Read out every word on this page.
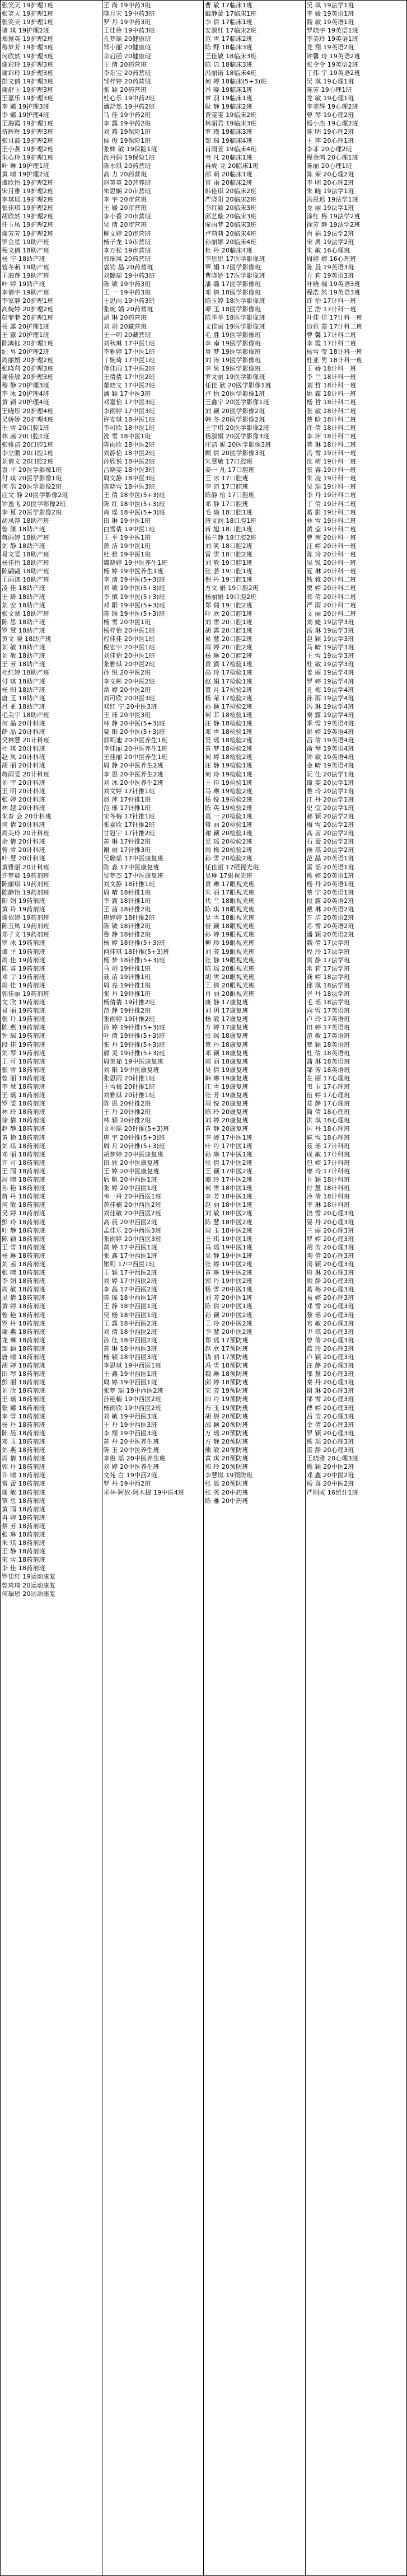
张笑天 19护理1班
张笑天 19护理1班
张笑天 19护理1班
诸 琪 19护理2班
郑慧英 19护理2班
穆梦芳 19护理3班
何欣然 19护理3班
谢彩玲 19护理3班
谢彩玲 19护理3班
彭文倩 19护理3班
谢舒玉 19护理3班
王嘉乐 19护理3班
李 娜 19护理3班
李 娜 19护理4班
王海霞 19护理1班
伍辉辉 19护理3班
张月霞 19护理2班
王小燕 19护理2班
朱心玲 19护理1班
叶 琳 19护理1班
黄 晴 19护理2班
谭欣怡 19护理2班
宋月雅 19护理2班
李琪瑶 19护理2班
张佳琪 19护理2班
胡欣然 19护理2班
任玉凤 19护理2班
谢芳芳 19护理2班
罗金星 19助产班
程文倩 18助产班
杨 宁 18助产班
管冬萌 19助产班
王海莲 19助产班
叶 婷 19助产班
李倩宇 19助产班
李家静 20护理1班
高婉婷 20护理2班
彭菲菲 20护理1班
杨 露 20护理1班
王 露 20护理1班
陈鸿钰 20护理1班
纪 昇 20护理2班
周丽娟 20护理2班
张晓莉 20护理3班
谢佳敏 20护理3班
穆 静 20护理3班
李 冰 20护理4班
黄 颖 20护理4班
王晓彤 20护理4班
吴娇娇 20护理4班
王 雪 20口腔1班
林 茜 20口腔1班
张雅洁 20口腔1班
李立鹏 20口腔1班
刘倩文 20口腔2班
袁 平 20医学影像1班
付 琪 20医学影像1班
何 浩 20医学影像2班
庄文 静 20医学影像2班
钟逸飞 20医学影像2班
李 夏 20医学影像2班
胡凤萍 18助产班
曾 潇 18助产班
蒋雨婷 18助产班
刘 静 18助产班
易文雯 18助产班
杨佳怡 18助产班
陈翩翩 18助产班
王雨淇 18助产班
凌 佳 18助产班
王 琦 18助产班
刘 安 18助产班
张文慧 18助产班
陈 思 18助产班
罗 慧 18助产班
黄文 晓 18助产班
刘 敏 18助产班
刘 敏 18助产班
王 芳 18助产班
杜红婷 18助产班
付 琪 18助产班
杨 阳 18助产班
唐 玉 18助产班
吕 亚 18助产班
毛美宇 18助产班
何 晶 20计科班
薛 晶 20计科班
吴林慧 20计科班
杜 琪 20计科班
赵 凤 20计科班
胡 丽 20计科班
蒋雨雯 20计科班
刘 宇 20计科班
王 明 20计科班
张 婷 20计科班
林 越 20计科班
朱春 会 20计科班
何 倩 20计科班
周美玲 20计科班
余 倩 20计科班
曾 雪 20计科班
叶 慧 20计科班
黄雅丽 20计科班
许梦晨 19药剂班
陈丽琪 19药剂班
陈静怡 19药剂班
阳 娟 19药剂班
黄 丹 19药剂班
谢依婷 19药剂班
陈玉凤 19药剂班
郑子文 19药剂班
罗 冰 19药剂班
谭 平 19药剂班
周 佳 19药剂班
陈 睿 19药剂班
邓 宇 19药剂班
周 佳 19药剂班
郭佳丽 19药剂班
文 欣 19药剂班
易 丽 19药剂班
张 丹 19药剂班
陈 燕 19药剂班
钟 瑶 19药剂班
段 佳 19药剂班
刘 琴 19药剂班
王 可 18药剂班
张 雪 18药剂班
曾 丽 18药剂班
李 慧 18药剂班
王 瑶 18药剂班
罗 雯 18药剂班
林 玲 18药剂班
徐 倩 18药剂班
赵 静 18药剂班
黄 艳 18药剂班
刘 琪 18药剂班
邓 丽 18药剂班
许 可 18药剂班
王 雨 18药剂班
周 晴 18药剂班
孙 艳 18药剂班
蒋 丹 18药剂班
何 敏 18药剂班
吴 婷 18药剂班
彭 玲 18药剂班
叶 静 18药剂班
陈 颖 18药剂班
王 雪 18药剂班
杨 琳 18药剂班
刘 茜 18药剂班
张 晴 18药剂班
李 娟 18药剂班
周 敏 18药剂班
吴 倩 18药剂班
黄 婷 18药剂班
曾 艳 18药剂班
罗 丹 18药剂班
谢 燕 18药剂班
龙 琳 18药剂班
邹 颖 18药剂班
唐 晴 18药剂班
胡 婷 18药剂班
田 琴 18药剂班
彭 丽 18药剂班
刘 欣 18药剂班
王 瑶 18药剂班
张 娜 18药剂班
李 雪 18药剂班
杨 丹 18药剂班
陈 晨 18药剂班
邓 玉 18药剂班
刘 燕 18药剂班
周 倩 18药剂班
郭 丹 18药剂班
许 晴 18药剂班
雷 蕾 18药剂班
谢 敏 18药剂班
覃 思 18药剂班
黄 雨 18药剂班
冉 婷 18药剂班
蔡 芳 18药剂班
张 琳 18药剂班
朱 琪 18药剂班
王 静 18药剂班
宋 雪 18药剂班
李 佳 18药剂班
罗佳红 19运动康复
曾琦琦 20运动康复
何瑞恩 20运动康复
王 尚 19中药3班
晓月宋 19中药3班
罗 丹 19中药3班
王佳伶 19中药3班
孔梦瑶 20健康班
郑小丽 20健康班
余启函 20健康班
王 倩 20药营班
李东宝 20药营班
邹梓婷 20药营班
张 颖 20药营班
杜心乐 19中药2班
潘舒然 19中药2班
马 佳 19中药2班
李 露 19中药2班
刘 燕 19保险1班
侯 俊 19保险1班
张姝 敏 19保险1班
沈丹娟 19保险1班
陈水琪 20药营班
高 力 20药营班
赵英英 20营养班
朱思娴 20市营班
李 宇 20市营班
王 媛 20市营班
李小香 20市营班
吴 倩 20市营班
柳文婷 20市营班
杨子龙 19市营班
李万松 19市营班
郭瑞风 20药营班
袁钧 晶 20药营班
刘璐瑶 19中药3班
陈 敏 19中药3班
王 一 19中药3班
王思雨 19中药3班
张琬 娟 20药营班
胡 琳 20药营班
刘 玥 20藏营班
王一明 20藏营班
刘秋琳 17中医1班
李雅婷 17中医1班
丁婉琦 17中医1班
蒋佳雨 17中医2班
王倩倩 17中医2班
董晓文 17中医2班
潘 颖 17中医3班
邓嘉怡 17中医3班
李雨婷 17中医3班
许安琪 18中医1班
李可欣 18中医1班
沈 雪 18中医1班
陈雨欣 18中医2班
刘静怡 18中医2班
孙欣悦 18中医2班
吕晓雯 18中医3班
周文静 18中医3班
陈晓雪 18中医3班
王 倩 18中医(5+3)班
陈 红 18中医(5+3)班
肖 瑶 18中医(5+3)班
田 琳 19中医1班
白雪倩 19中医1班
王 平 19中医1班
黄 洁 19中医1班
杜 雅 19中医1班
魏晓婷 19中医养生1班
杨 婷 19中医养生1班
李 清 19中医(5+3)班
刘 敏 19中医(5+3)班
李 慎 19中医(5+3)班
邓 阳 19中医(5+3)班
陈 瑜 19中医(5+3)班
杨 雪 20中医1班
杨梓怡 20中医1班
程佳佳 20中医1班
倪宏宇 20中医1班
刘佳怡 20中医1班
张雅琪 20中医2班
孙 悦 20中医2班
李文彬 20中医2班
常 婷 20中医2班
刘可欣 20中医3班
邓红 宁 20中医3班
王 珏 20中医3班
林 静 20中医(5+3)班
晏 阳 20中医(5+3)班
郭明迪 20中医养生1班
李佳丽 20中医养生1班
王佳丽 20中医养生1班
周 静 20中医养生2班
李 思 20中医养生2班
刘 冰 20中医养生2班
刘文婷 17针推1班
赵 萍 17针推1班
范 瑶 17针推1班
宋冬梅 17针推1班
张嘉欣 17针推2班
甘冠宇 17针推2班
黄 琳 17针推2班
谢 丽 17针推3班
吴璐瑶 17中医康复班
陈 淼 17中医康复班
吴梦杰 17中医康复班
刘文静 18针推1班
周 晴 18针推1班
李 露 18针推1班
王 茜 18针推2班
唐婷婷 18针推2班
陈 敏 18针推2班
鲁 静 18针推2班
杨 婷 18针推(5+3)班
何佳琪 18针推(5+3)班
杨 梦 18针推(5+3)班
马 玥 19针推1班
聂 苗 19针推1班
周 亮 19针推1班
张 丹 19针推1班
杨倩倩 19针推2班
范 静 19针推2班
张雨婷 19针推2班
孙 婷 19针推(5+3)班
叶 倩 19针推(5+3)班
张 丹 19针推(5+3)班
熊 灵 19针推(5+3)班
周美茹 19中医康复班
刘 阳 19中医康复班
张思雨 20针推1班
王雪梅 20针推1班
刘雅琪 20针推1班
陈 思 20针推2班
王 丹 20针推2班
林 颖 20针推2班
文玥瑶 20针推(5+3)班
唐 宇 20针推(5+3)班
周 月 20针推(5+3)班
胡梦婷 20中医康复班
田 欣 20中医康复班
王 婷 20中医康复班
后 帆 20中西医1班
张 婷 20中西医1班
韦一丹 20中西医1班
黄佳楠 20中西医2班
刘佳敏 20中西医2班
高 晨 20中西医2班
孟佳乐 20中西医3班
张雨婷 20中西医3班
黄 婷 17中西医1班
张 鑫 17中西医1班
崔明 17中西医1班
王 颖 17中西医2班
刘 婷 17中西医2班
李 晶 17中西医2班
陈 瑶 18中西医1班
王 静 18中西医1班
吴 杨 18中西医1班
王 露 18中西医2班
刘 倩 18中西医2班
孙 佳 18中西医2班
黄 琳 18中西医3班
杨 颖 18中西医3班
李思琪 19中西医1班
王 鑫 19中西医1班
周 婷 19中西医1班
张梦 瑶 19中西医2班
孙艳楠 19中西医2班
杨雨欣 19中西医2班
刘 敏 19中西医3班
王 丹 19中西医3班
李 翔 19中西医3班
黄 丹 20中医养生班
陈 玉 20中医养生班
李俊 瑶 20中医养生班
刘 婷 20中医养生班
文苑 白 19中西2班
罗 丹 19中西2班
米林·阿依·阿木提 19中医4班
曹 敏 17临床1班
戴静蕾 17临床1班
李 倩 17临床1班
安淑红 17临床2班
范 雪 17临床2班
陈 野 18临床3班
王佳敏 18临床3班
陈 洁 18临床3班
冯丽诺 18临床4班
何 婷 18临床(5+3)班
谷 晓 19临床1班
章 羽 19临床1班
耿 静 19临床2班
黄雯雯 19临床2班
林丽君 19临床3班
罗 瑾 19临床3班
邹 瑞 19临床4班
肖雨萱 19临床4班
韦 凡 20临床1班
冉成 龙 20临床1班
邵 萌 20临床1班
雷 雨 20临床2班
韩佳琪 20临床2班
严晓阳 20临床2班
李红颖 20临床3班
邱艺璇 20临床3班
庞雨梦 20临床3班
卢莉莉 20临床4班
孙丽娜 20临床4班
杜 丹 20临床4班
李思思 17医学影像班
覃 娟 17医学影像班
曹晓娇 17医学影像班
潘 璐 17医学影像班
邓 倩 18医学影像班
陈玉婷 18医学影像班
谭 玉 18医学影像班
陈华华 18医学影像班
文佳丽 19医学影像班
毛 胜 19医学影像班
李 南 19医学影像班
袁 梦 19医学影像班
刘 涛 19医学影像班
李 昊 19医学影像班
罗文丽 19医学影像班
任佳 欣 20医学影像1班
卢 怡 20医学影像1班
王鑫宇 20医学影像1班
刘 颖 20医学影像2班
韩 冬 20医学影像2班
王宇琪 20医学影像2班
杨淑娟 20医学影像3班
庄洁 妮 20医学影像3班
顾 倩 20医学影像3班
朱慧敏 17口腔班
姜一 凡 17口腔班
王 冰 17口腔班
李 沛 17口腔班
陈静 怡 17口腔班
邓 静 17口腔班
毛 瑜 18口腔1班
唐文润 18口腔1班
蒋 旭 18口腔1班
杨兰静 18口腔2班
刘 笑 18口腔2班
雷 雪 18口腔2班
刘 敏 19口腔1班
张 荟 19口腔1班
倪 丹 19口腔1班
方文 娟 19口腔2班
杨丽娟 19口腔2班
郑 瑞 19口腔2班
叶 欣 20口腔1班
刘 雪 20口腔1班
胡 露 20口腔1班
易 慧 20口腔2班
周 婷 20口腔2班
杨 琳 20口腔2班
黄 露 17检验1班
高 玲 17检验1班
赵 娟 17检验1班
董 月 17检验2班
杨 荣 17检验2班
孙 颖 17检验2班
何 菲 18检验1班
汪 静 18检验1班
邓 雪 18检验1班
吴 瑶 18检验2班
黄 梦 18检验2班
何 婷 18检验2班
汪 静 19检验1班
何 玲 19检验1班
王 佳 19检验1班
马 琳 19检验2班
杨 悦 19检验2班
陈 英 19检验2班
莫 一 20检验1班
蒋 丽 20检验1班
谢 颖 20检验1班
吴 瑶 20检验2班
周 梅 20检验2班
孙 雪 20检验2班
任佳丽 17眼视光班
吴琳 17眼视光班
黄 琳 17眼视光班
朱 丽 17眼视光班
代 兰 18眼视光班
陈 琪 18眼视光班
吴 雪 18眼视光班
曾 颖 18眼视光班
孙 婷 19眼视光班
柳 珍 19眼视光班
刘 芳 19眼视光班
张 静 19眼视光班
陈 瑶 20眼视光班
胡 雪 20眼视光班
王 倩 20眼视光班
肖 丽 20眼视光班
康 静 17康复班
刘 玥 17康复班
杨 敏 17康复班
方 婷 17康复班
张 瑶 18康复班
覃 丹 18康复班
邓 颖 18康复班
郭 丽 18康复班
吴 倩 19康复班
韩 琳 19康复班
江 雪 19康复班
张 芳 19康复班
周 悦 20康复班
陈 玲 20康复班
刘 婷 20康复班
黄 静 20康复班
李 婷 17中医1班
叶 丹 17中医1班
孙 琳 17中医1班
张 倩 17中医2班
王 颖 17中医2班
谭 玲 17中医2班
何 雪 18中医1班
李 芳 18中医1班
赵 丽 18中医1班
刘 敏 18中医2班
陈 慧 18中医2班
周 玉 18中医2班
王 琪 19中医1班
马 瑶 19中医1班
吴 静 19中医1班
张 婷 19中医2班
黄 琳 19中医2班
郭 丹 19中医2班
杨 雪 20中医1班
刘 芳 20中医1班
陈 倩 20中医1班
孙 颖 20中医2班
王 玲 20中医2班
李 慧 20中医2班
郑 瑶 17预防班
赵 欣 17预防班
钱 丽 17预防班
冯 雪 18预防班
魏 琳 18预防班
邱 婷 18预防班
宋 芳 19预防班
田 丹 19预防班
石 玉 19预防班
胡 倩 20预防班
邵 颖 20预防班
万 瑶 20预防班
方 静 20预防班
熊 敏 20预防班
黄 琪 20预防班
郭 玲 20预防班
李慧岚 19预防班
张 晨 20预防班
张 美 20中药班
陈 雅 20中药班
吴 琪 19法学1班
李 媛 19英语1班
魏 敏 19英语1班
罗晓宇 19英语1班
李美玲 19英语1班
龙 翔 19英语2班
钟馨 玲 19英语2班
张令令 19英语2班
丁伟 宇 19英语2班
吴 琪 19心理1班
陈芳 19心理1班
龙 敏 19心理1班
李美辉 19心理2班
曾 琴 19心理2班
杨小杰 19心理2班
陈 明 19心理2班
王 萍 20心理1班
李菲 20心理2班
程金鸿 20心理1班
陈丽 20心理1班
陈 荣 20心理2班
李 明 20心理2班
朱 晓 19法学1班
冯思迟 19法学1班
龙 丽 19法学1班
涂红 梅 19法学2班
徐芳 静 19法学2班
肖 娟 19法学2班
宋 禹 19法学2班
朱 敏 16心理班
周婷 婷 16心理班
陈 晨 19英语3班
方 莉 19英语3班
叶晓 瑞 19英语3班
程浩 然 19英语3班
许 怡 17计科一班
王 浩 17计科一班
叶佳 佳 17计科一班
边雅 菱 17计科二班
曹 馨 17计科二班
李 霞 17计科二班
杨雪 莹 18计科一班
杜亚 男 18计科一班
王 娇 18计科一班
李 兰 18计科一班
刘 哲 18计科一班
姚 霜 18计科一班
杨 哲 18计科二班
张 敏 18计科二班
蔡 晗 18计科二班
许 倩 18计科二班
李 萍 18计科二班
蒋 琳 18计科二班
冯 雪 19计科一班
沈 萌 19计科一班
张 睿 19计科一班
朱 凌 19计科一班
吴 瑶 19计科一班
李 丹 19计科二班
丁 倩 19计科二班
葛 影 19计科二班
林 雪 19计科二班
黄 莹 19计科二班
曹 茜 20计科一班
汪 婷 20计科一班
陈 玲 20计科一班
吴 锐 20计科一班
夏 琳 20计科一班
钱 雅 20计科二班
贾 婷 20计科二班
韩 倩 20计科二班
严 雨 20计科二班
文 丽 20计科二班
刘 婕 19法学3班
汤 琳 19法学3班
赵 颖 19法学3班
马 晴 19法学3班
王 雪 19法学3班
杜 敏 19法学3班
姜 丽 19法学4班
罗 婷 19法学4班
孔 梅 19法学4班
孙 雨 19法学4班
冯 琳 19法学4班
秦 露 19法学4班
季 雪 19英语4班
彭 婷 19英语4班
吕 倩 19英语4班
俞 琴 19英语4班
钟 敏 19英语4班
金 晴 19英语4班
阮 佳 20法学1班
谭 雯 20法学1班
鲁 玲 20法学1班
江 丹 20法学1班
史 莹 20法学1班
郝 颖 20法学2班
梅 雪 20法学2班
高 茜 20法学2班
石 蕾 20法学2班
侯 琪 20法学2班
范 晶 20英语1班
雷 瑶 20英语1班
熊 婷 20英语1班
杨 丹 20英语1班
蔡 宁 20英语1班
段 露 20英语2班
戴 琳 20英语2班
万 洁 20英语2班
苏 雪 20英语2班
潘 颖 20英语2班
魏 倩 17法学班
程 玲 17法学班
贺 静 17法学班
常 莉 17法学班
龚 婷 18法学班
邱 琪 18法学班
谷 丹 18法学班
毛 瑶 18法学班
向 雪 17英语班
卢 玲 17英语班
田 婷 17英语班
范 敏 17英语班
覃 颖 18英语班
杜 倩 18英语班
蒲 琳 18英语班
邹 芳 18英语班
左 丽 17心理班
韦 玉 17心理班
伍 婷 17心理班
莫 静 17心理班
简 倩 18心理班
洪 琪 18心理班
匡 丹 18心理班
麻 雪 18心理班
聂 瑶 17计科班
成 敏 17计科班
包 婷 17计科班
廖 玲 17计科班
甘 颖 18计科班
付 慧 18计科班
冷 倩 18计科班
幸 琳 18计科班
饶 雪 20心理3班
晏 丹 20心理3班
兰 丽 20心理3班
罗 婷 20心理3班
胡 芳 20心理3班
陶 倩 20心理3班
闵 颖 20心理3班
唐 琳 20心理3班
顾 静 20心理3班
葛 梅 20心理3班
易 婷 20心理3班
邓 雪 20心理3班
黎 瑶 20心理3班
官 敏 20心理3班
尹 琪 20心理3班
曾 倩 20心理3班
蓝 玲 20心理3班
卢 颖 20心理3班
汪 静 20心理3班
邬 慧 20心理3班
秦 丹 20心理3班
谢 琳 20心理3班
邹 雪 20心理3班
傅 婷 20心理3班
吕 芳 20心理3班
金 倩 20心理3班
罗 颖 20心理3班
熊 瑶 20心理3班
雷 静 20心理3班
王晓雅 20心理3班
熊 颖 20中医2班
邓 鑫 20中医2班
杨 喜 20中医2班
严刚成 16统计1班
